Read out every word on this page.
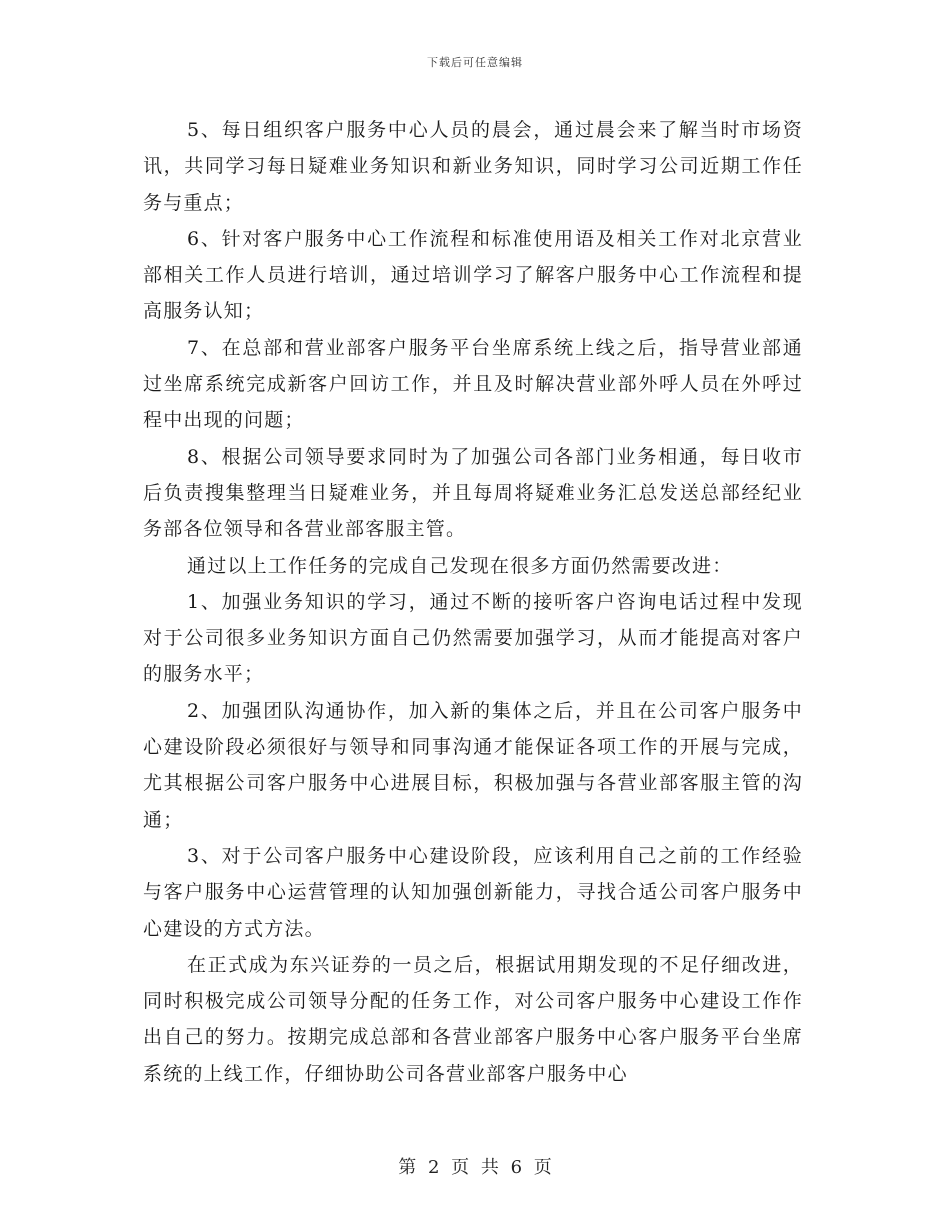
下载后可任意编辑

5、每日组织客户服务中心人员的晨会，通过晨会来了解当时市场资讯，共同学习每日疑难业务知识和新业务知识，同时学习公司近期工作任务与重点；

6、针对客户服务中心工作流程和标准使用语及相关工作对北京营业部相关工作人员进行培训，通过培训学习了解客户服务中心工作流程和提高服务认知；

7、在总部和营业部客户服务平台坐席系统上线之后，指导营业部通过坐席系统完成新客户回访工作，并且及时解决营业部外呼人员在外呼过程中出现的问题；

8、根据公司领导要求同时为了加强公司各部门业务相通，每日收市后负责搜集整理当日疑难业务，并且每周将疑难业务汇总发送总部经纪业务部各位领导和各营业部客服主管。

通过以上工作任务的完成自己发现在很多方面仍然需要改进：

1、加强业务知识的学习，通过不断的接听客户咨询电话过程中发现对于公司很多业务知识方面自己仍然需要加强学习，从而才能提高对客户的服务水平；

2、加强团队沟通协作，加入新的集体之后，并且在公司客户服务中心建设阶段必须很好与领导和同事沟通才能保证各项工作的开展与完成，尤其根据公司客户服务中心进展目标，积极加强与各营业部客服主管的沟通；

3、对于公司客户服务中心建设阶段，应该利用自己之前的工作经验与客户服务中心运营管理的认知加强创新能力，寻找合适公司客户服务中心建设的方式方法。

在正式成为东兴证券的一员之后，根据试用期发现的不足仔细改进，同时积极完成公司领导分配的任务工作，对公司客户服务中心建设工作作出自己的努力。按期完成总部和各营业部客户服务中心客户服务平台坐席系统的上线工作，仔细协助公司各营业部客户服务中心

第 2 页 共 6 页
